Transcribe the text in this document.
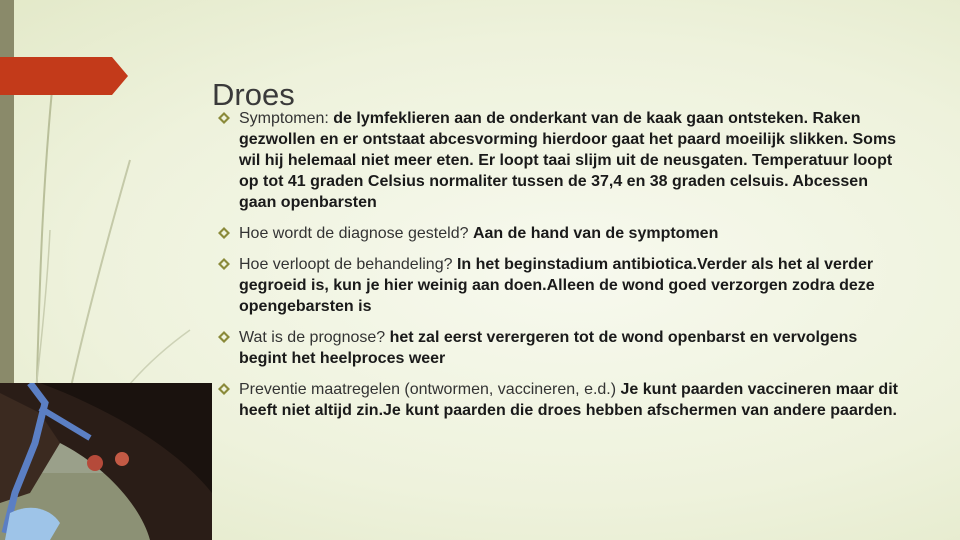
Droes
Symptomen: de lymfeklieren aan de onderkant van de kaak gaan ontsteken. Raken gezwollen en er ontstaat abcesvorming hierdoor gaat het paard moeilijk slikken. Soms wil hij helemaal niet meer eten. Er loopt taai slijm uit de neusgaten. Temperatuur loopt op tot 41 graden Celsius normaliter tussen de 37,4 en 38 graden celsuis. Abcessen gaan openbarsten
Hoe wordt de diagnose gesteld? Aan de hand van de symptomen
Hoe verloopt de behandeling? In het beginstadium antibiotica.Verder als het al verder gegroeid is, kun je hier weinig aan doen.Alleen de wond goed verzorgen zodra deze opengebarsten is
Wat is de prognose? het zal eerst verergeren tot de wond openbarst en vervolgens begint het heelproces weer
Preventie maatregelen (ontwormen, vaccineren, e.d.) Je kunt paarden vaccineren maar dit heeft niet altijd zin.Je kunt paarden die droes hebben afschermen van andere paarden.
